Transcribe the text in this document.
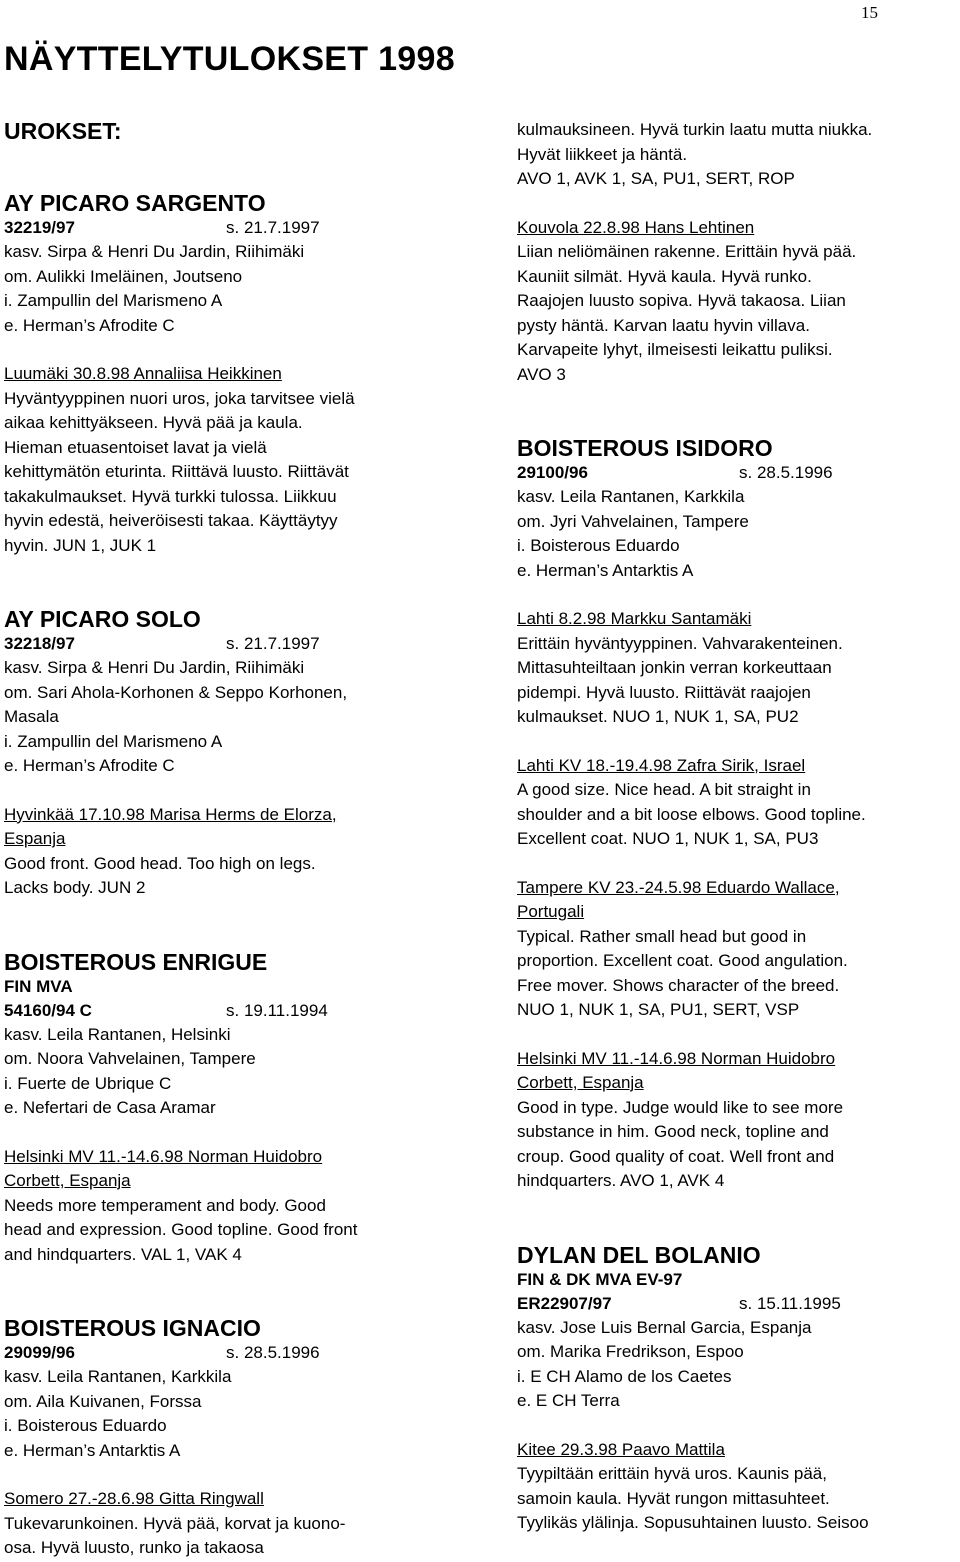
15
NÄYTTELYTULOKSET 1998
UROKSET:
AY PICARO SARGENTO
32219/97	s. 21.7.1997
kasv. Sirpa & Henri Du Jardin, Riihimäki
om. Aulikki Imeläinen, Joutseno
i. Zampullin del Marismeno A
e. Herman’s Afrodite C
Luumäki 30.8.98 Annaliisa Heikkinen
Hyväntyyppinen nuori uros, joka tarvitsee vielä
aikaa kehittyäkseen. Hyvä pää ja kaula.
Hieman etuasentoiset lavat ja vielä
kehittymätön eturinta. Riittävä luusto. Riittävät
takakulmaukset. Hyvä turkki tulossa. Liikkuu
hyvin edestä, heiveröisesti takaa. Käyttäytyy
hyvin. JUN 1, JUK 1
AY PICARO SOLO
32218/97	s. 21.7.1997
kasv. Sirpa & Henri Du Jardin, Riihimäki
om. Sari Ahola-Korhonen & Seppo Korhonen,
Masala
i. Zampullin del Marismeno A
e. Herman’s Afrodite C
Hyvinkää 17.10.98 Marisa Herms de Elorza,
Espanja
Good front. Good head. Too high on legs.
Lacks body. JUN 2
BOISTEROUS ENRIGUE
FIN MVA
54160/94 C	s. 19.11.1994
kasv. Leila Rantanen, Helsinki
om. Noora Vahvelainen, Tampere
i. Fuerte de Ubrique C
e. Nefertari de Casa Aramar
Helsinki MV 11.-14.6.98 Norman Huidobro
Corbett, Espanja
Needs more temperament and body. Good
head and expression. Good topline. Good front
and hindquarters. VAL 1, VAK 4
BOISTEROUS IGNACIO
29099/96	s. 28.5.1996
kasv. Leila Rantanen, Karkkila
om. Aila Kuivanen, Forssa
i. Boisterous Eduardo
e. Herman’s Antarktis A
Somero 27.-28.6.98 Gitta Ringwall
Tukevarunkoinen. Hyvä pää, korvat ja kuono-
osa. Hyvä luusto, runko ja takaosa
kulmauksineen. Hyvä turkin laatu mutta niukka.
Hyvät liikkeet ja häntä.
AVO 1, AVK 1, SA, PU1, SERT, ROP
Kouvola 22.8.98 Hans Lehtinen
Liian neliömäinen rakenne. Erittäin hyvä pää.
Kauniit silmät. Hyvä kaula. Hyvä runko.
Raajojen luusto sopiva. Hyvä takaosa. Liian
pysty häntä. Karvan laatu hyvin villava.
Karvapeite lyhyt, ilmeisesti leikattu puliksi.
AVO 3
BOISTEROUS ISIDORO
29100/96	s. 28.5.1996
kasv. Leila Rantanen, Karkkila
om. Jyri Vahvelainen, Tampere
i. Boisterous Eduardo
e. Herman’s Antarktis A
Lahti 8.2.98 Markku Santamäki
Erittäin hyväntyyppinen. Vahvarakenteinen.
Mittasuhteiltaan jonkin verran korkeuttaan
pidempi. Hyvä luusto. Riittävät raajojen
kulmaukset. NUO 1, NUK 1, SA, PU2
Lahti KV 18.-19.4.98 Zafra Sirik, Israel
A good size. Nice head. A bit straight in
shoulder and a bit loose elbows. Good topline.
Excellent coat. NUO 1, NUK 1, SA, PU3
Tampere KV 23.-24.5.98 Eduardo Wallace,
Portugali
Typical. Rather small head but good in
proportion. Excellent coat. Good angulation.
Free mover. Shows character of the breed.
NUO 1, NUK 1, SA, PU1, SERT, VSP
Helsinki MV 11.-14.6.98 Norman Huidobro
Corbett, Espanja
Good in type. Judge would like to see more
substance in him. Good neck, topline and
croup. Good quality of coat. Well front and
hindquarters. AVO 1, AVK 4
DYLAN DEL BOLANIO
FIN & DK MVA EV-97
ER22907/97	s. 15.11.1995
kasv. Jose Luis Bernal Garcia, Espanja
om. Marika Fredrikson, Espoo
i. E CH Alamo de los Caetes
e. E CH Terra
Kitee 29.3.98 Paavo Mattila
Tyypiltään erittäin hyvä uros. Kaunis pää,
samoin kaula. Hyvät rungon mittasuhteet.
Tyylikäs ylälinja. Sopusuhtainen luusto. Seisoo
